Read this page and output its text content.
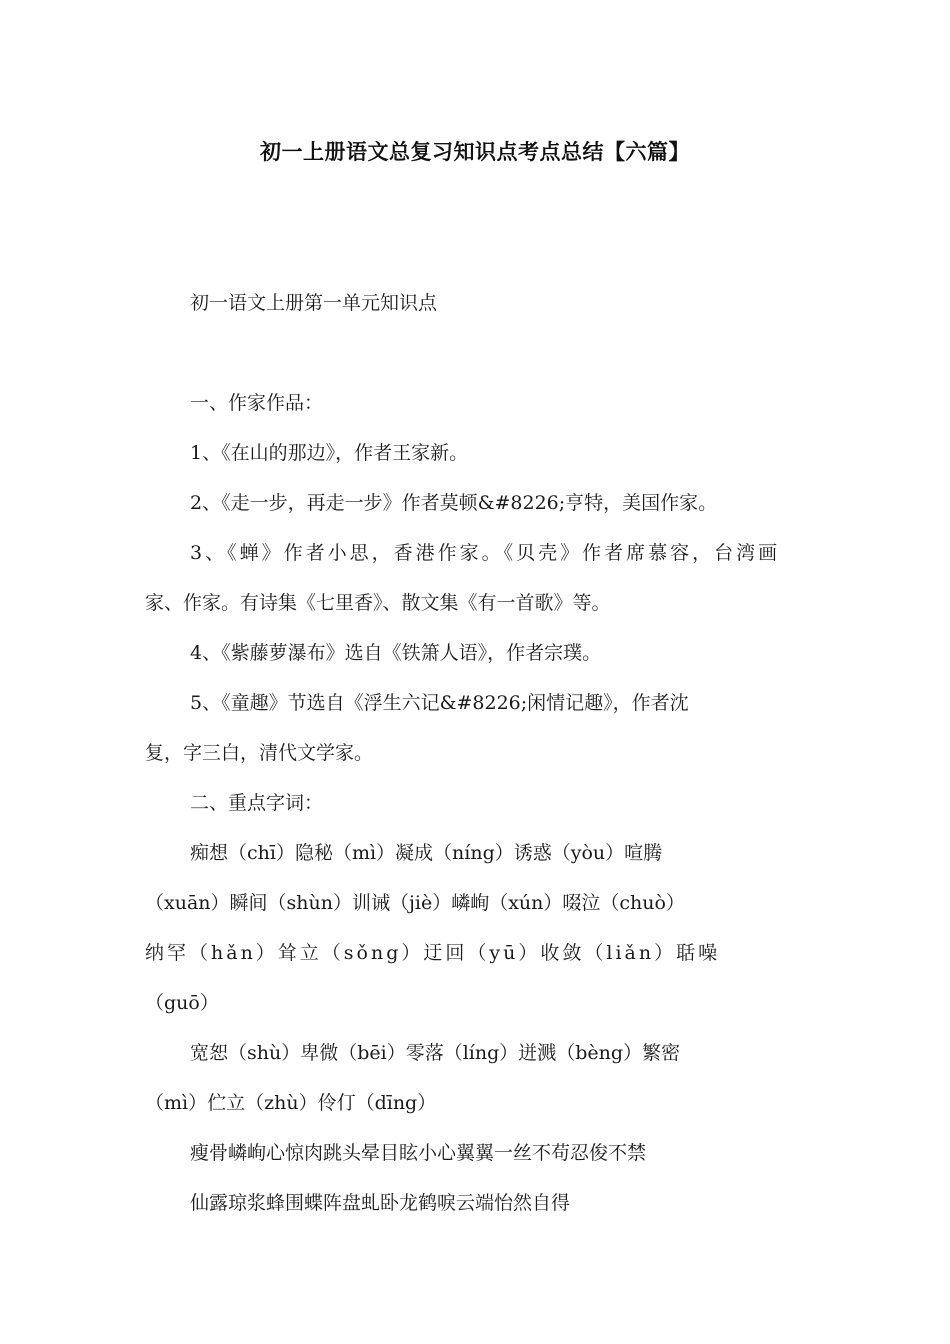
初一上册语文总复习知识点考点总结【六篇】
初一语文上册第一单元知识点
一、作家作品：
1、《在山的那边》，作者王家新。
2、《走一步，再走一步》作者莫顿&#8226;亨特，美国作家。
3、《蝉》作者小思，香港作家。《贝壳》作者席慕容，台湾画
家、作家。有诗集《七里香》、散文集《有一首歌》等。
4、《紫藤萝瀑布》选自《铁箫人语》，作者宗璞。
5、《童趣》节选自《浮生六记&#8226;闲情记趣》，作者沈
复，字三白，清代文学家。
二、重点字词：
痴想（chī）隐秘（mì）凝成（níng）诱惑（yòu）喧腾
（xuān）瞬间（shùn）训诫（jiè）嶙峋（xún）啜泣（chuò）
纳罕（hǎn）耸立（sǒng）迂回（yū）收敛（liǎn）聒噪
（guō）
宽恕（shù）卑微（bēi）零落（líng）迸溅（bèng）繁密
（mì）伫立（zhù）伶仃（dīng）
瘦骨嶙峋心惊肉跳头晕目眩小心翼翼一丝不苟忍俊不禁
仙露琼浆蜂围蝶阵盘虬卧龙鹤唳云端怡然自得
